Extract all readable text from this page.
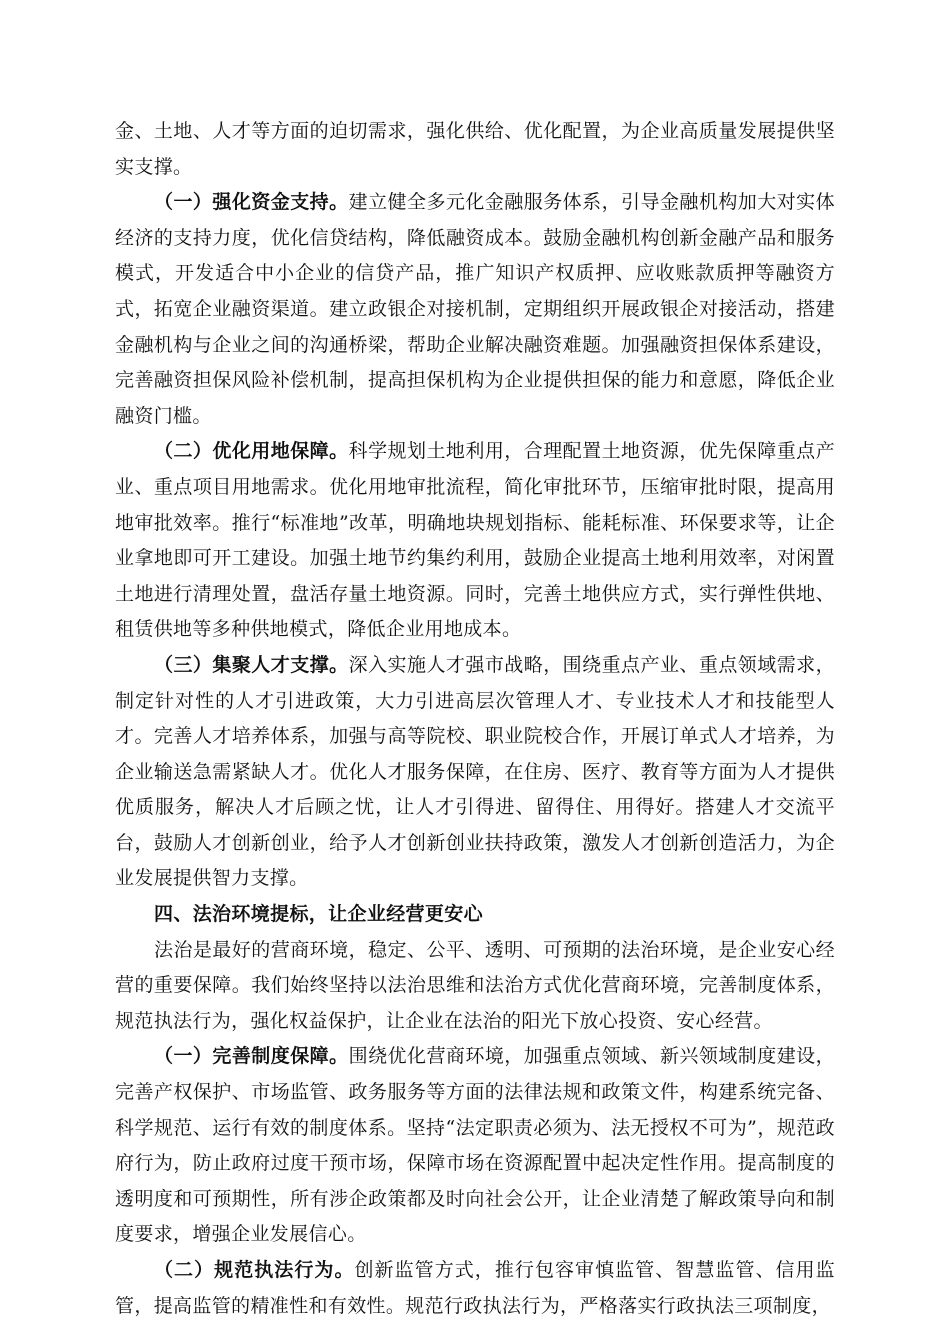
金、土地、人才等方面的迫切需求，强化供给、优化配置，为企业高质量发展提供坚实支撑。

（一）强化资金支持。建立健全多元化金融服务体系，引导金融机构加大对实体经济的支持力度，优化信贷结构，降低融资成本。鼓励金融机构创新金融产品和服务模式，开发适合中小企业的信贷产品，推广知识产权质押、应收账款质押等融资方式，拓宽企业融资渠道。建立政银企对接机制，定期组织开展政银企对接活动，搭建金融机构与企业之间的沟通桥梁，帮助企业解决融资难题。加强融资担保体系建设，完善融资担保风险补偿机制，提高担保机构为企业提供担保的能力和意愿，降低企业融资门槛。

（二）优化用地保障。科学规划土地利用，合理配置土地资源，优先保障重点产业、重点项目用地需求。优化用地审批流程，简化审批环节，压缩审批时限，提高用地审批效率。推行“标准地”改革，明确地块规划指标、能耗标准、环保要求等，让企业拿地即可开工建设。加强土地节约集约利用，鼓励企业提高土地利用效率，对闲置土地进行清理处置，盘活存量土地资源。同时，完善土地供应方式，实行弹性供地、租赁供地等多种供地模式，降低企业用地成本。

（三）集聚人才支撑。深入实施人才强市战略，围绕重点产业、重点领域需求，制定针对性的人才引进政策，大力引进高层次管理人才、专业技术人才和技能型人才。完善人才培养体系，加强与高等院校、职业院校合作，开展订单式人才培养，为企业输送急需紧缺人才。优化人才服务保障，在住房、医疗、教育等方面为人才提供优质服务，解决人才后顾之忧，让人才引得进、留得住、用得好。搭建人才交流平台，鼓励人才创新创业，给予人才创新创业扶持政策，激发人才创新创造活力，为企业发展提供智力支撑。

四、法治环境提标，让企业经营更安心

法治是最好的营商环境，稳定、公平、透明、可预期的法治环境，是企业安心经营的重要保障。我们始终坚持以法治思维和法治方式优化营商环境，完善制度体系，规范执法行为，强化权益保护，让企业在法治的阳光下放心投资、安心经营。

（一）完善制度保障。围绕优化营商环境，加强重点领域、新兴领域制度建设，完善产权保护、市场监管、政务服务等方面的法律法规和政策文件，构建系统完备、科学规范、运行有效的制度体系。坚持“法定职责必须为、法无授权不可为”，规范政府行为，防止政府过度干预市场，保障市场在资源配置中起决定性作用。提高制度的透明度和可预期性，所有涉企政策都及时向社会公开，让企业清楚了解政策导向和制度要求，增强企业发展信心。

（二）规范执法行为。创新监管方式，推行包容审慎监管、智慧监管、信用监管，提高监管的精准性和有效性。规范行政执法行为，严格落实行政执法三项制度，
